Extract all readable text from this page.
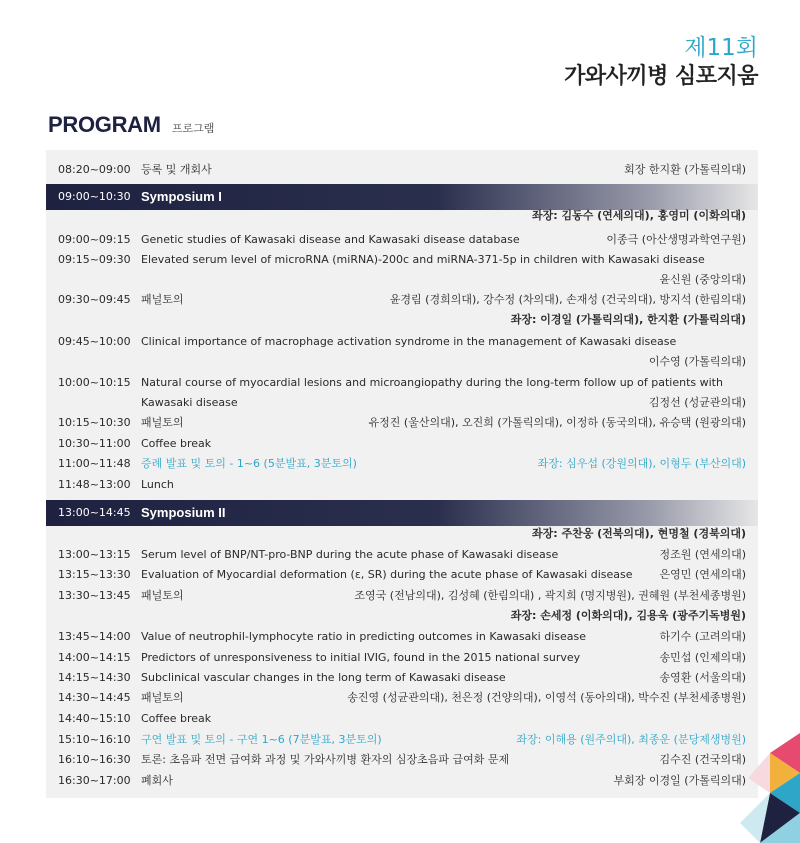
제11회
가와사끼병 심포지움
PROGRAM 프로그램
08:20~09:00 등록 및 개회사	회장 한지환 (가톨릭의대)
09:00~10:30 Symposium I
좌장: 김동수 (연세의대), 홍영미 (이화의대)
09:00~09:15 Genetic studies of Kawasaki disease and Kawasaki disease database	이종극 (아산생명과학연구원)
09:15~09:30 Elevated serum level of microRNA (miRNA)-200c and miRNA-371-5p in children with Kawasaki disease
윤신원 (중앙의대)
09:30~09:45 패널토의	윤경림 (경희의대), 강수정 (차의대), 손재성 (건국의대), 방지석 (한림의대)
좌장: 이경일 (가톨릭의대), 한지환 (가톨릭의대)
09:45~10:00 Clinical importance of macrophage activation syndrome in the management of Kawasaki disease
이수영 (가톨릭의대)
10:00~10:15 Natural course of myocardial lesions and microangiopathy during the long-term follow up of patients with
Kawasaki disease	김정선 (성균관의대)
10:15~10:30 패널토의	유정진 (울산의대), 오진희 (가톨릭의대), 이정하 (동국의대), 유승택 (원광의대)
10:30~11:00 Coffee break
11:00~11:48 증례 발표 및 토의 - 1~6 (5분발표, 3분토의)	좌장: 심우섭 (강원의대), 이형두 (부산의대)
11:48~13:00 Lunch
13:00~14:45 Symposium II
좌장: 주찬웅 (전북의대), 현명철 (경북의대)
13:00~13:15 Serum level of BNP/NT-pro-BNP during the acute phase of Kawasaki disease	정조원 (연세의대)
13:15~13:30 Evaluation of Myocardial deformation (ε, SR) during the acute phase of Kawasaki disease 은영민 (연세의대)
13:30~13:45 패널토의	조영국 (전남의대), 김성혜 (한림의대) , 곽지희 (명지병원), 권혜원 (부천세종병원)
좌장: 손세정 (이화의대), 김용욱 (광주기독병원)
13:45~14:00 Value of neutrophil-lymphocyte ratio in predicting outcomes in Kawasaki disease	하기수 (고려의대)
14:00~14:15 Predictors of unresponsiveness to initial IVIG, found in the 2015 national survey	송민섭 (인제의대)
14:15~14:30 Subclinical vascular changes in the long term of Kawasaki disease	송영환 (서울의대)
14:30~14:45 패널토의	송진영 (성균관의대), 천은정 (건양의대), 이영석 (동아의대), 박수진 (부천세종병원)
14:40~15:10 Coffee break
15:10~16:10 구연 발표 및 토의 - 구연 1~6 (7분발표, 3분토의)	좌장: 이해용 (원주의대), 최종운 (분당제생병원)
16:10~16:30 토론: 초음파 전면 급여화 과정 및 가와사끼병 환자의 심장초음파 급여화 문제	김수진 (건국의대)
16:30~17:00 폐회사	부회장 이경일 (가톨릭의대)
